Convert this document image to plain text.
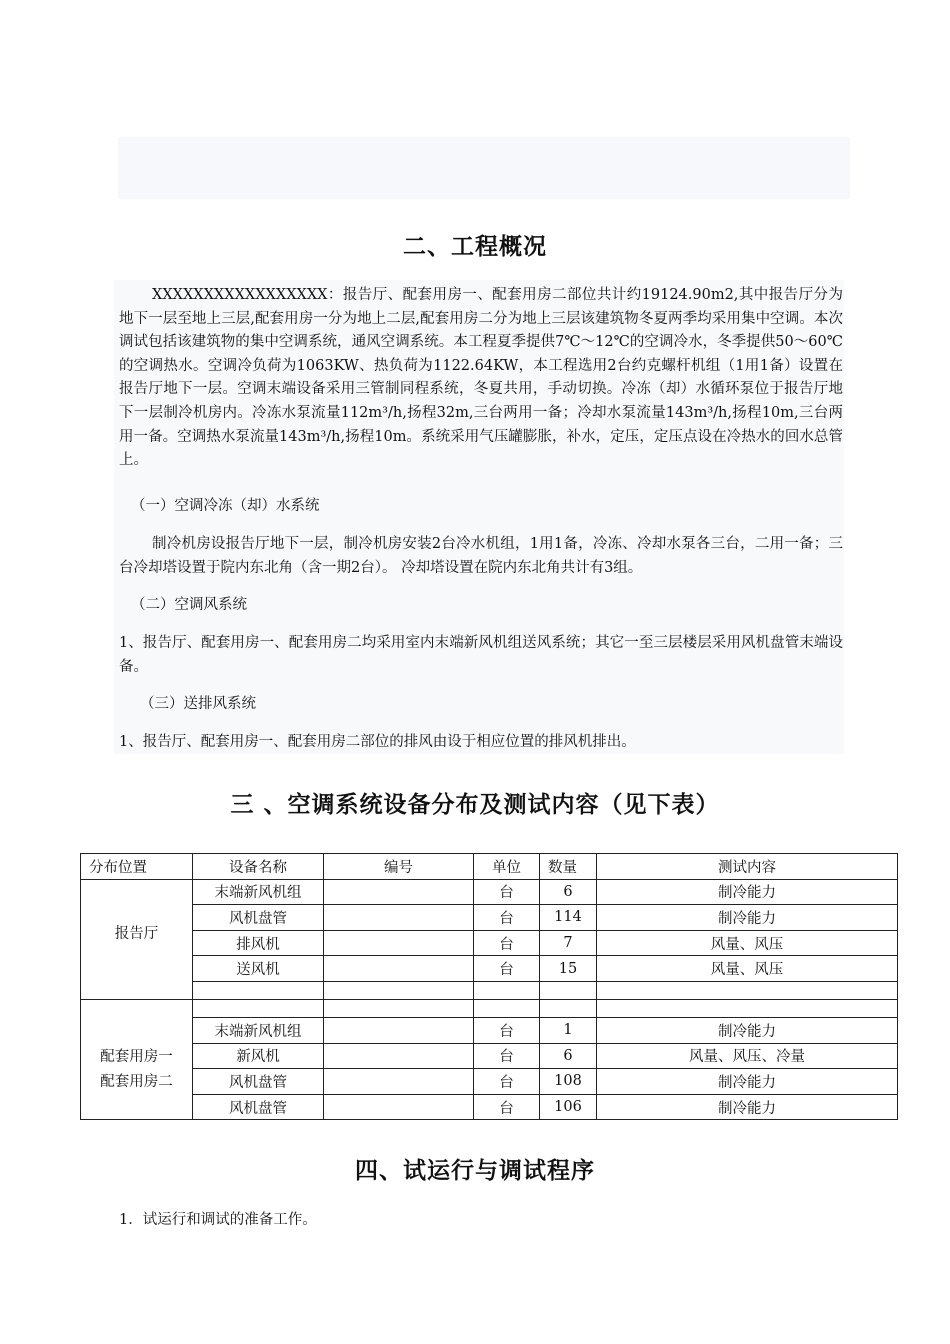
二、工程概况
XXXXXXXXXXXXXXXXX：报告厅、配套用房一、配套用房二部位共计约19124.90m2,其中报告厅分为地下一层至地上三层,配套用房一分为地上二层,配套用房二分为地上三层该建筑物冬夏两季均采用集中空调。本次调试包括该建筑物的集中空调系统，通风空调系统。本工程夏季提供7℃～12℃的空调冷水，冬季提供50～60℃的空调热水。空调冷负荷为1063KW、热负荷为1122.64KW，本工程选用2台约克螺杆机组（1用1备）设置在报告厅地下一层。空调末端设备采用三管制同程系统，冬夏共用，手动切换。冷冻（却）水循环泵位于报告厅地下一层制冷机房内。冷冻水泵流量112m³/h,扬程32m,三台两用一备；冷却水泵流量143m³/h,扬程10m,三台两用一备。空调热水泵流量143m³/h,扬程10m。系统采用气压罐膨胀，补水，定压，定压点设在冷热水的回水总管上。
（一）空调冷冻（却）水系统
制冷机房设报告厅地下一层，制冷机房安装2台冷水机组，1用1备，冷冻、冷却水泵各三台，二用一备；三台冷却塔设置于院内东北角（含一期2台）。 冷却塔设置在院内东北角共计有3组。
（二）空调风系统
1、报告厅、配套用房一、配套用房二均采用室内末端新风机组送风系统；其它一至三层楼层采用风机盘管末端设备。
（三）送排风系统
1、报告厅、配套用房一、配套用房二部位的排风由设于相应位置的排风机排出。
三 、空调系统设备分布及测试内容（见下表）
分布位置	设备名称	编号	单位	数量	测试内容
报告厅	末端新风机组		台	6	制冷能力
	风机盘管		台	114	制冷能力
	排风机		台	7	风量、风压
	送风机		台	15	风量、风压

配套用房一
配套用房二					

	末端新风机组		台	1	制冷能力
	新风机		台	6	风量、风压、冷量
	风机盘管		台	108	制冷能力
	风机盘管		台	106	制冷能力
四、试运行与调试程序
1．试运行和调试的准备工作。
